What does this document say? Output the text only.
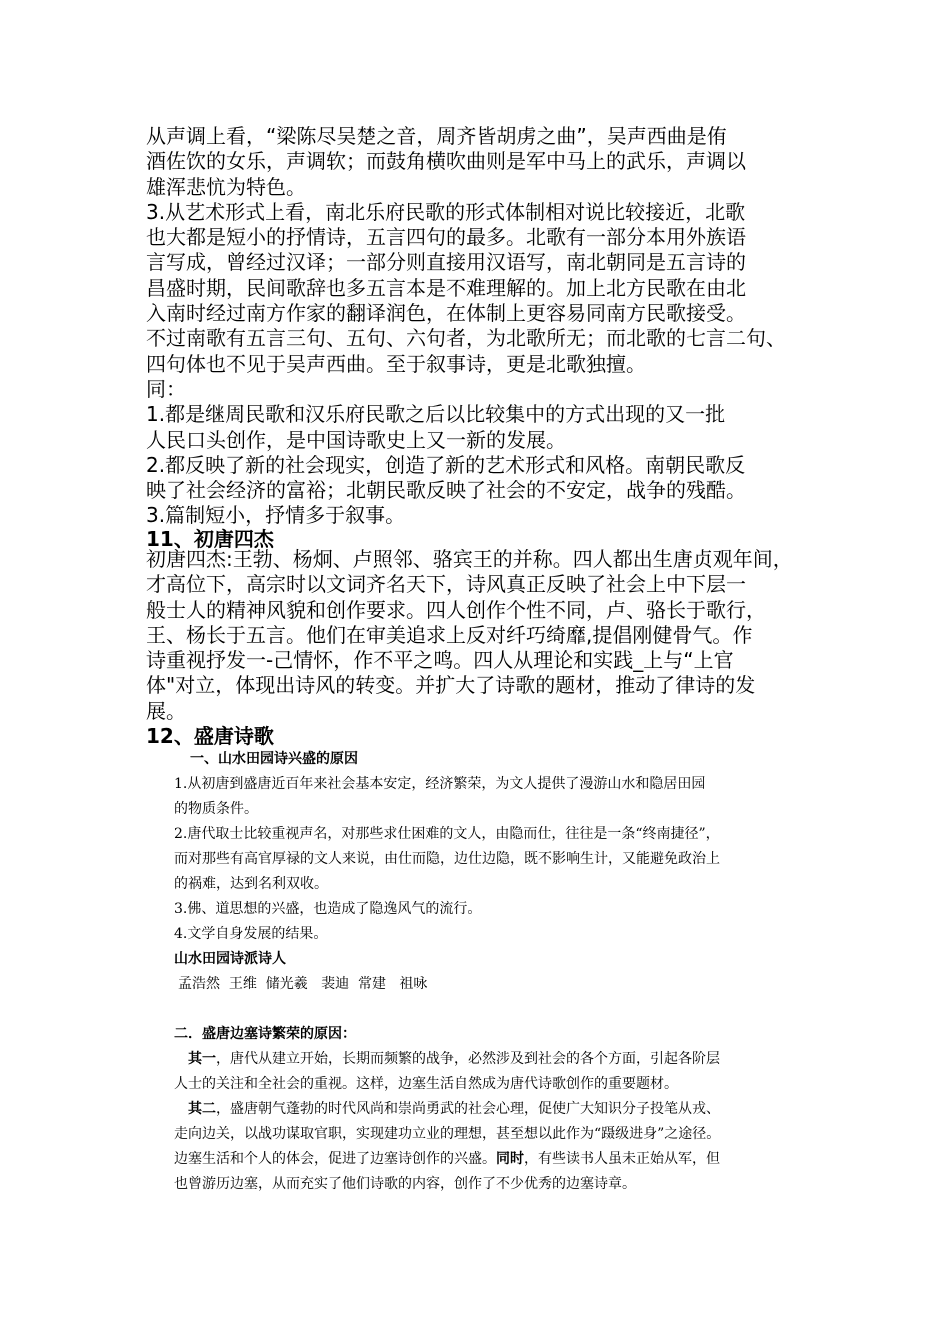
从声调上看，“梁陈尽吴楚之音，周齐皆胡虏之曲”，吴声西曲是侑

酒佐饮的女乐，声调软；而鼓角横吹曲则是军中马上的武乐，声调以

雄浑悲忼为特色。

3.从艺术形式上看，南北乐府民歌的形式体制相对说比较接近，北歌

也大都是短小的抒情诗，五言四句的最多。北歌有一部分本用外族语

言写成，曾经过汉译；一部分则直接用汉语写，南北朝同是五言诗的

昌盛时期，民间歌辞也多五言本是不难理解的。加上北方民歌在由北

入南时经过南方作家的翻译润色，在体制上更容易同南方民歌接受。

不过南歌有五言三句、五句、六句者，为北歌所无；而北歌的七言二句、

四句体也不见于吴声西曲。至于叙事诗，更是北歌独擅。

同：

1.都是继周民歌和汉乐府民歌之后以比较集中的方式出现的又一批

人民口头创作，是中国诗歌史上又一新的发展。

2.都反映了新的社会现实，创造了新的艺术形式和风格。南朝民歌反

映了社会经济的富裕；北朝民歌反映了社会的不安定，战争的残酷。

3.篇制短小，抒情多于叙事。

11、初唐四杰

初唐四杰:王勃、杨炯、卢照邻、骆宾王的并称。四人都出生唐贞观年间，

才高位下，高宗时以文词齐名天下，诗风真正反映了社会上中下层一

般士人的精神风貌和创作要求。四人创作个性不同，卢、骆长于歌行，

王、杨长于五言。他们在审美追求上反对纤巧绮靡,提倡刚健骨气。作

诗重视抒发一-己情怀，作不平之鸣。四人从理论和实践_上与“上官

体"对立，体现出诗风的转变。并扩大了诗歌的题材，推动了律诗的发

展。

12、盛唐诗歌
一、山水田园诗兴盛的原因

1.从初唐到盛唐近百年来社会基本安定，经济繁荣，为文人提供了漫游山水和隐居田园

的物质条件。

2.唐代取士比较重视声名，对那些求仕困难的文人，由隐而仕，往往是一条“终南捷径”，

而对那些有高官厚禄的文人来说，由仕而隐，边仕边隐，既不影响生计，又能避免政治上

的祸难，达到名利双收。

3.佛、道思想的兴盛，也造成了隐逸风气的流行。

4.文学自身发展的结果。

山水田园诗派诗人
孟浩然  王维  储光羲   裴迪  常建   祖咏
二．盛唐边塞诗繁荣的原因：

　其一，唐代从建立开始，长期而频繁的战争，必然涉及到社会的各个方面，引起各阶层

人士的关注和全社会的重视。这样，边塞生活自然成为唐代诗歌创作的重要题材。

　其二，盛唐朝气蓬勃的时代风尚和崇尚勇武的社会心理，促使广大知识分子投笔从戎、

走向边关，以战功谋取官职，实现建功立业的理想，甚至想以此作为“蹑级进身”之途径。

边塞生活和个人的体会，促进了边塞诗创作的兴盛。同时，有些读书人虽未正始从军，但

也曾游历边塞，从而充实了他们诗歌的内容，创作了不少优秀的边塞诗章。
